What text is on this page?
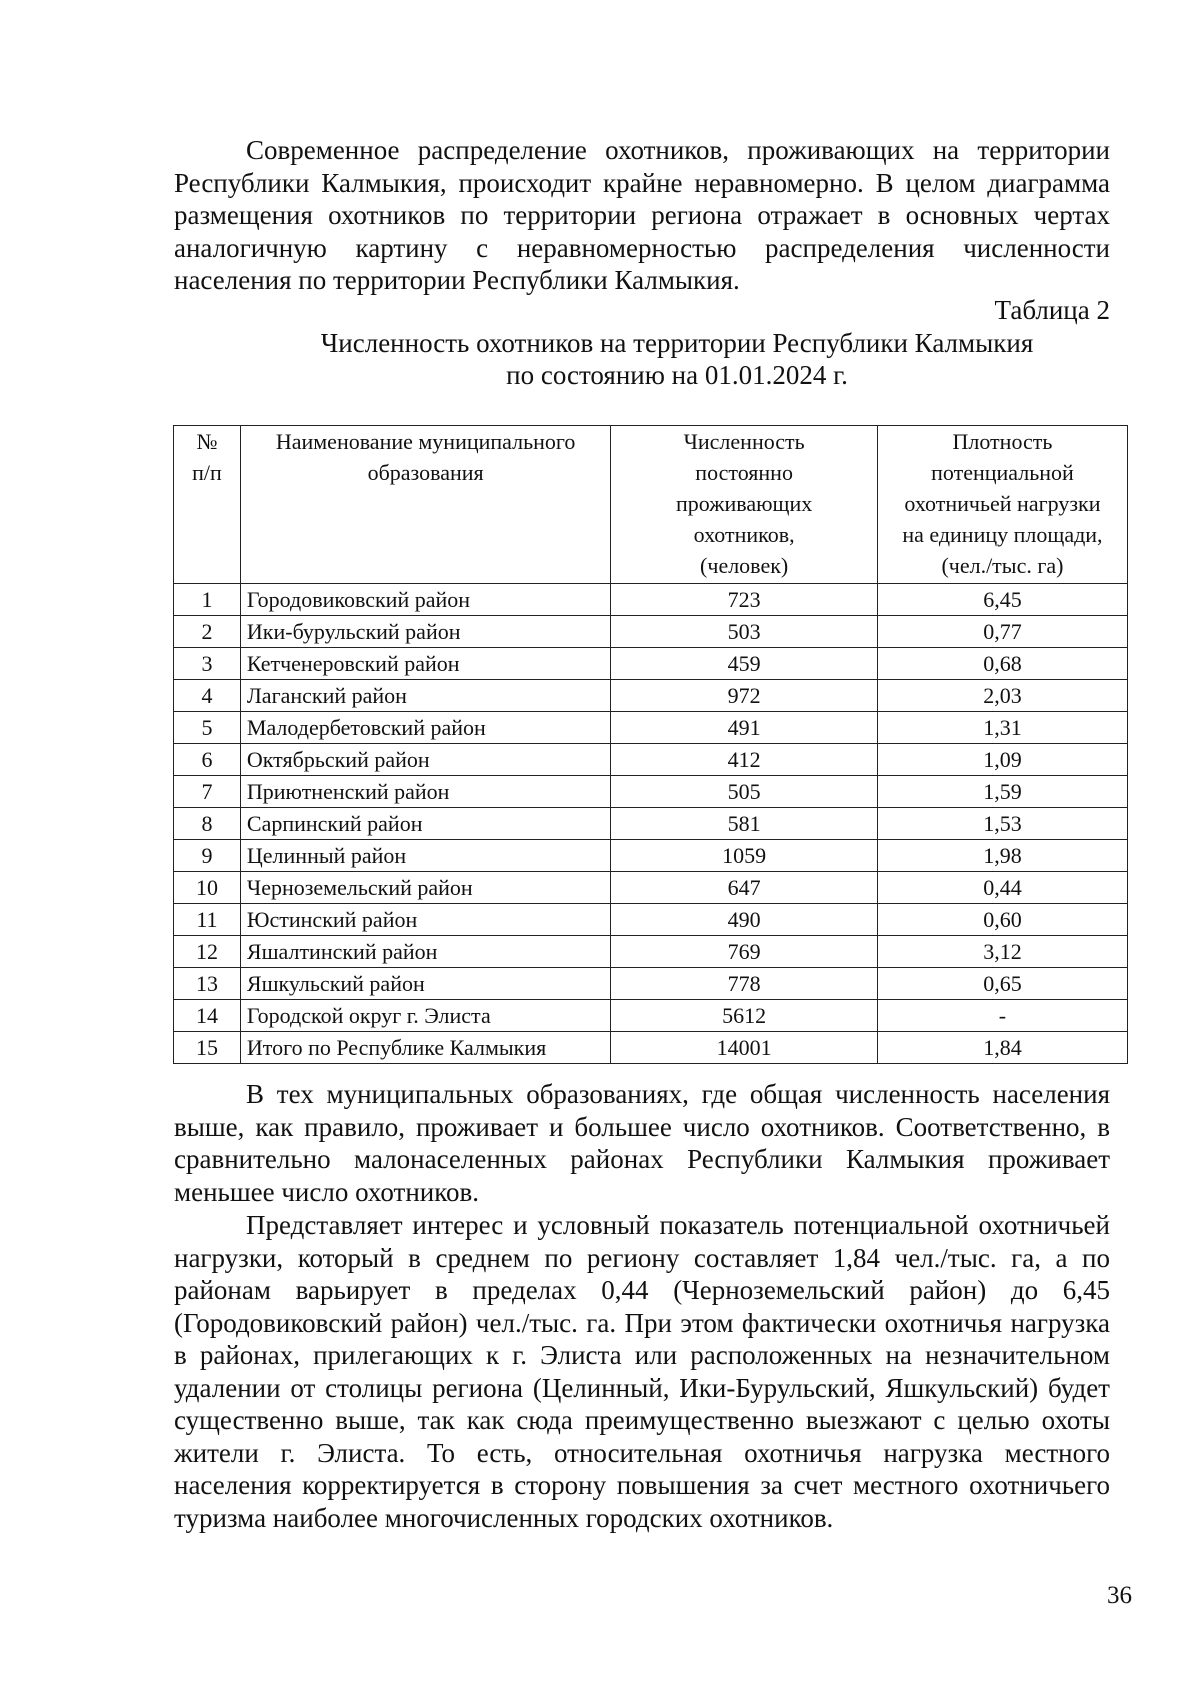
Современное распределение охотников, проживающих на территории Республики Калмыкия, происходит крайне неравномерно. В целом диаграмма размещения охотников по территории региона отражает в основных чертах аналогичную картину с неравномерностью распределения численности населения по территории Республики Калмыкия.

Таблица 2
Численность охотников на территории Республики Калмыкия
по состоянию на 01.01.2024 г.
№ п/п	Наименование муниципального образования	Численность постоянно проживающих охотников, (человек)	Плотность потенциальной охотничьей нагрузки на единицу площади, (чел./тыс. га)

1	Городовиковский район	723	6,45
2	Ики-бурульский район	503	0,77
3	Кетченеровский район	459	0,68
4	Лаганский район	972	2,03
5	Малодербетовский район	491	1,31
6	Октябрьский район	412	1,09
7	Приютненский район	505	1,59
8	Сарпинский район	581	1,53
9	Целинный район	1059	1,98
10	Черноземельский район	647	0,44
11	Юстинский район	490	0,60
12	Яшалтинский район	769	3,12
13	Яшкульский район	778	0,65
14	Городской округ г. Элиста	5612	-
15	Итого по Республике Калмыкия	14001	1,84

В тех муниципальных образованиях, где общая численность населения выше, как правило, проживает и большее число охотников. Соответственно, в сравнительно малонаселенных районах Республики Калмыкия проживает меньшее число охотников.

Представляет интерес и условный показатель потенциальной охотничьей нагрузки, который в среднем по региону составляет 1,84 чел./тыс. га, а по районам варьирует в пределах 0,44 (Черноземельский район) до 6,45 (Городовиковский район) чел./тыс. га. При этом фактически охотничья нагрузка в районах, прилегающих к г. Элиста или расположенных на незначительном удалении от столицы региона (Целинный, Ики-Бурульский, Яшкульский) будет существенно выше, так как сюда преимущественно выезжают с целью охоты жители г. Элиста. То есть, относительная охотничья нагрузка местного населения корректируется в сторону повышения за счет местного охотничьего туризма наиболее многочисленных городских охотников.

36
